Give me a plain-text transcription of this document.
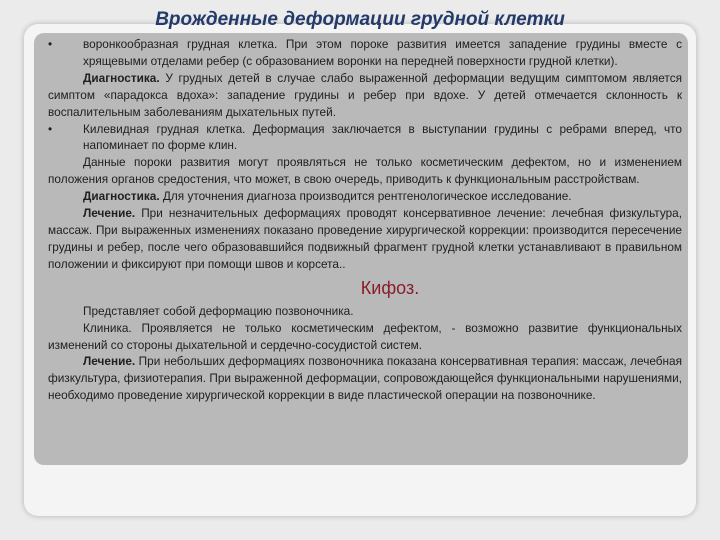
Врожденные деформации грудной клетки
•	воронкообразная грудная клетка. При этом пороке развития имеется западение грудины вместе с хрящевыми отделами ребер (с образованием воронки на передней поверхности грудной клетки).

Диагностика. У грудных детей в случае слабо выраженной деформации ведущим симптомом является симптом «парадокса вдоха»: западение грудины и ребер при вдохе. У детей отмечается склонность к воспалительным заболеваниям дыхательных путей.

•	Килевидная грудная клетка. Деформация заключается в выступании грудины с ребрами вперед, что напоминает по форме клин.

Данные пороки развития могут проявляться не только косметическим дефектом, но и изменением положения органов средостения, что может, в свою очередь, приводить к функциональным расстройствам.

Диагностика. Для уточнения диагноза производится рентгенологическое исследование.

Лечение. При незначительных деформациях проводят консервативное лечение: лечебная физкультура, массаж. При выраженных изменениях показано проведение хирургической коррекции: производится пересечение грудины и ребер, после чего образовавшийся подвижный фрагмент грудной клетки устанавливают в правильном положении и фиксируют при помощи швов и корсета..

Кифоз.

Представляет собой деформацию позвоночника.

Клиника. Проявляется не только косметическим дефектом, - возможно развитие функциональных изменений со стороны дыхательной и сердечно-сосудистой систем.

Лечение. При небольших деформациях позвоночника показана консервативная терапия: массаж, лечебная физкультура, физиотерапия. При выраженной деформации, сопровождающейся функциональными нарушениями, необходимо проведение хирургической коррекции в виде пластической операции на позвоночнике.
